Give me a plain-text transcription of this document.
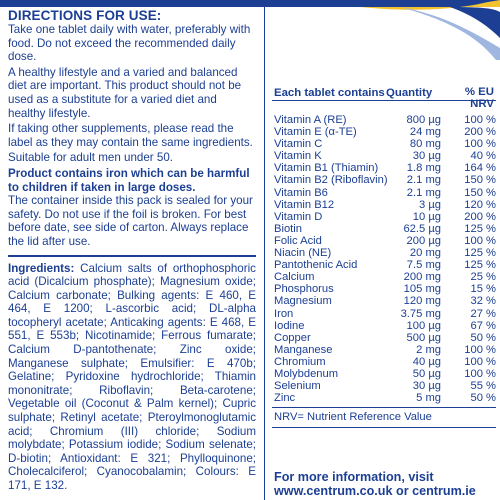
DIRECTIONS FOR USE:

Take one tablet daily with water, preferably with food. Do not exceed the recommended daily dose.

A healthy lifestyle and a varied and balanced diet are important. This product should not be used as a substitute for a varied diet and healthy lifestyle.

If taking other supplements, please read the label as they may contain the same ingredients.

Suitable for adult men under 50.

Product contains iron which can be harmful to children if taken in large doses.

The container inside this pack is sealed for your safety. Do not use if the foil is broken. For best before date, see side of carton. Always replace the lid after use.

Ingredients: Calcium salts of orthophosphoric acid (Dicalcium phosphate); Magnesium oxide; Calcium carbonate; Bulking agents: E 460, E 464, E 1200; L-ascorbic acid; DL-alpha tocopheryl acetate; Anticaking agents: E 468, E 551, E 553b; Nicotinamide; Ferrous fumarate; Calcium D-pantothenate; Zinc oxide; Manganese sulphate; Emulsifier: E 470b; Gelatine; Pyridoxine hydrochloride; Thiamin mononitrate; Riboflavin; Beta-carotene; Vegetable oil (Coconut & Palm kernel); Cupric sulphate; Retinyl acetate; Pteroylmonoglutamic acid; Chromium (III) chloride; Sodium molybdate; Potassium iodide; Sodium selenate; D-biotin; Antioxidant: E 321; Phylloquinone; Cholecalciferol; Cyanocobalamin; Colours: E 171, E 132.

Each tablet contains Quantity	% EU
NRV
Vitamin A (RE)	800 µg 100 %
Vitamin E (α-TE)	24 mg 200 %
Vitamin C	80 mg 100 %
Vitamin K	30 µg	40 %
Vitamin B1 (Thiamin)	1.8 mg 164 %
Vitamin B2 (Riboflavin) 2.1 mg 150 %
Vitamin B6	2.1 mg 150 %
Vitamin B12	3 µg 120 %
Vitamin D	10 µg 200 %
Biotin	62.5 µg 125 %
Folic Acid	200 µg 100 %
Niacin (NE)	20 mg 125 %
Pantothenic Acid	7.5 mg 125 %
Calcium	200 mg	25 %
Phosphorus	105 mg	15 %
Magnesium	120 mg	32 %
Iron	3.75 mg	27 %
Iodine	100 µg	67 %
Copper	500 µg	50 %
Manganese	2 mg 100 %
Chromium	40 µg 100 %
Molybdenum	50 µg 100 %
Selenium	30 µg	55 %
Zinc	5 mg	50 %
NRV= Nutrient Reference Value
For more information, visit
www.centrum.co.uk or centrum.ie
